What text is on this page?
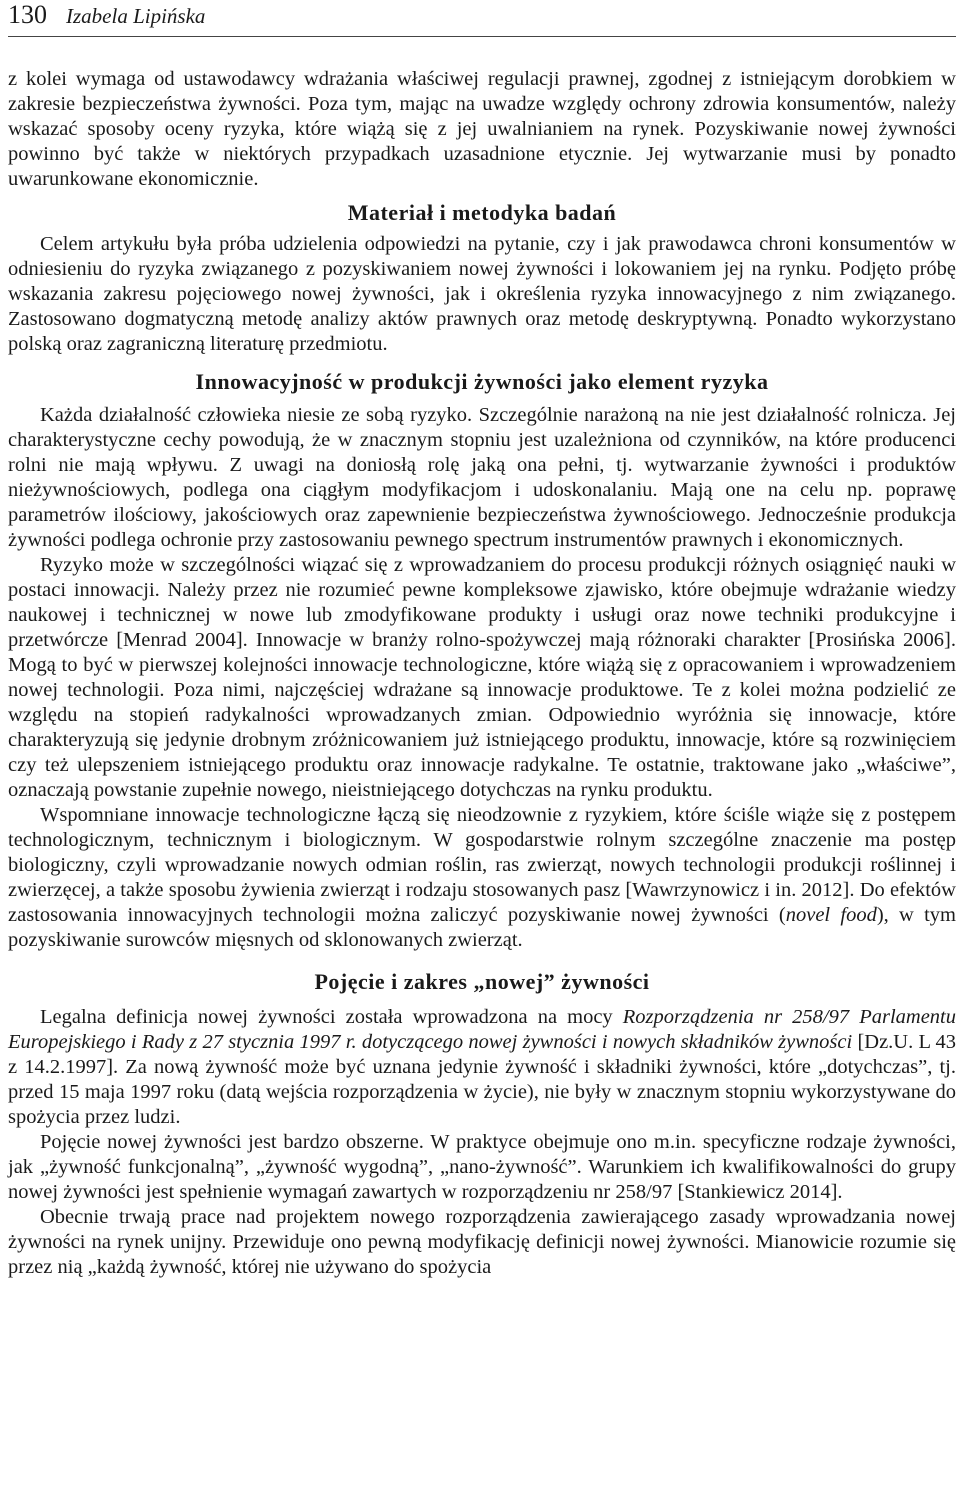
130 Izabela Lipińska

z kolei wymaga od ustawodawcy wdrażania właściwej regulacji prawnej, zgodnej z istniejącym dorobkiem w zakresie bezpieczeństwa żywności. Poza tym, mając na uwadze względy ochrony zdrowia konsumentów, należy wskazać sposoby oceny ryzyka, które wiążą się z jej uwalnianiem na rynek. Pozyskiwanie nowej żywności powinno być także w niektórych przypadkach uzasadnione etycznie. Jej wytwarzanie musi by ponadto uwarunkowane ekonomicznie.

Materiał i metodyka badań

Celem artykułu była próba udzielenia odpowiedzi na pytanie, czy i jak prawodawca chroni konsumentów w odniesieniu do ryzyka związanego z pozyskiwaniem nowej żywności i lokowaniem jej na rynku. Podjęto próbę wskazania zakresu pojęciowego nowej żywności, jak i określenia ryzyka innowacyjnego z nim związanego. Zastosowano dogmatyczną metodę analizy aktów prawnych oraz metodę deskryptywną. Ponadto wykorzystano polską oraz zagraniczną literaturę przedmiotu.

Innowacyjność w produkcji żywności jako element ryzyka

Każda działalność człowieka niesie ze sobą ryzyko. Szczególnie narażoną na nie jest działalność rolnicza. Jej charakterystyczne cechy powodują, że w znacznym stopniu jest uzależniona od czynników, na które producenci rolni nie mają wpływu. Z uwagi na doniosłą rolę jaką ona pełni, tj. wytwarzanie żywności i produktów nieżywnościowych, podlega ona ciągłym modyfikacjom i udoskonalaniu. Mają one na celu np. poprawę parametrów ilościowy, jakościowych oraz zapewnienie bezpieczeństwa żywnościowego. Jednocześnie produkcja żywności podlega ochronie przy zastosowaniu pewnego spectrum instrumentów prawnych i ekonomicznych.

Ryzyko może w szczególności wiązać się z wprowadzaniem do procesu produkcji różnych osiągnięć nauki w postaci innowacji. Należy przez nie rozumieć pewne kompleksowe zjawisko, które obejmuje wdrażanie wiedzy naukowej i technicznej w nowe lub zmodyfikowane produkty i usługi oraz nowe techniki produkcyjne i przetwórcze [Menrad 2004]. Innowacje w branży rolno-spożywczej mają różnoraki charakter [Prosińska 2006]. Mogą to być w pierwszej kolejności innowacje technologiczne, które wiążą się z opracowaniem i wprowadzeniem nowej technologii. Poza nimi, najczęściej wdrażane są innowacje produktowe. Te z kolei można podzielić ze względu na stopień radykalności wprowadzanych zmian. Odpowiednio wyróżnia się innowacje, które charakteryzują się jedynie drobnym zróżnicowaniem już istniejącego produktu, innowacje, które są rozwinięciem czy też ulepszeniem istniejącego produktu oraz innowacje radykalne. Te ostatnie, traktowane jako „właściwe”, oznaczają powstanie zupełnie nowego, nieistniejącego dotychczas na rynku produktu.

Wspomniane innowacje technologiczne łączą się nieodzownie z ryzykiem, które ściśle wiąże się z postępem technologicznym, technicznym i biologicznym. W gospodarstwie rolnym szczególne znaczenie ma postęp biologiczny, czyli wprowadzanie nowych odmian roślin, ras zwierząt, nowych technologii produkcji roślinnej i zwierzęcej, a także sposobu żywienia zwierząt i rodzaju stosowanych pasz [Wawrzynowicz i in. 2012]. Do efektów zastosowania innowacyjnych technologii można zaliczyć pozyskiwanie nowej żywności (novel food), w tym pozyskiwanie surowców mięsnych od sklonowanych zwierząt.

Pojęcie i zakres „nowej” żywności

Legalna definicja nowej żywności została wprowadzona na mocy Rozporządzenia nr 258/97 Parlamentu Europejskiego i Rady z 27 stycznia 1997 r. dotyczącego nowej żywności i nowych składników żywności [Dz.U. L 43 z 14.2.1997]. Za nową żywność może być uznana jedynie żywność i składniki żywności, które „dotychczas”, tj. przed 15 maja 1997 roku (datą wejścia rozporządzenia w życie), nie były w znacznym stopniu wykorzystywane do spożycia przez ludzi.

Pojęcie nowej żywności jest bardzo obszerne. W praktyce obejmuje ono m.in. specyficzne rodzaje żywności, jak „żywność funkcjonalną”, „żywność wygodną”, „nano-żywność”. Warunkiem ich kwalifikowalności do grupy nowej żywności jest spełnienie wymagań zawartych w rozporządzeniu nr 258/97 [Stankiewicz 2014].

Obecnie trwają prace nad projektem nowego rozporządzenia zawierającego zasady wprowadzania nowej żywności na rynek unijny. Przewiduje ono pewną modyfikację definicji nowej żywności. Mianowicie rozumie się przez nią „każdą żywność, której nie używano do spożycia
